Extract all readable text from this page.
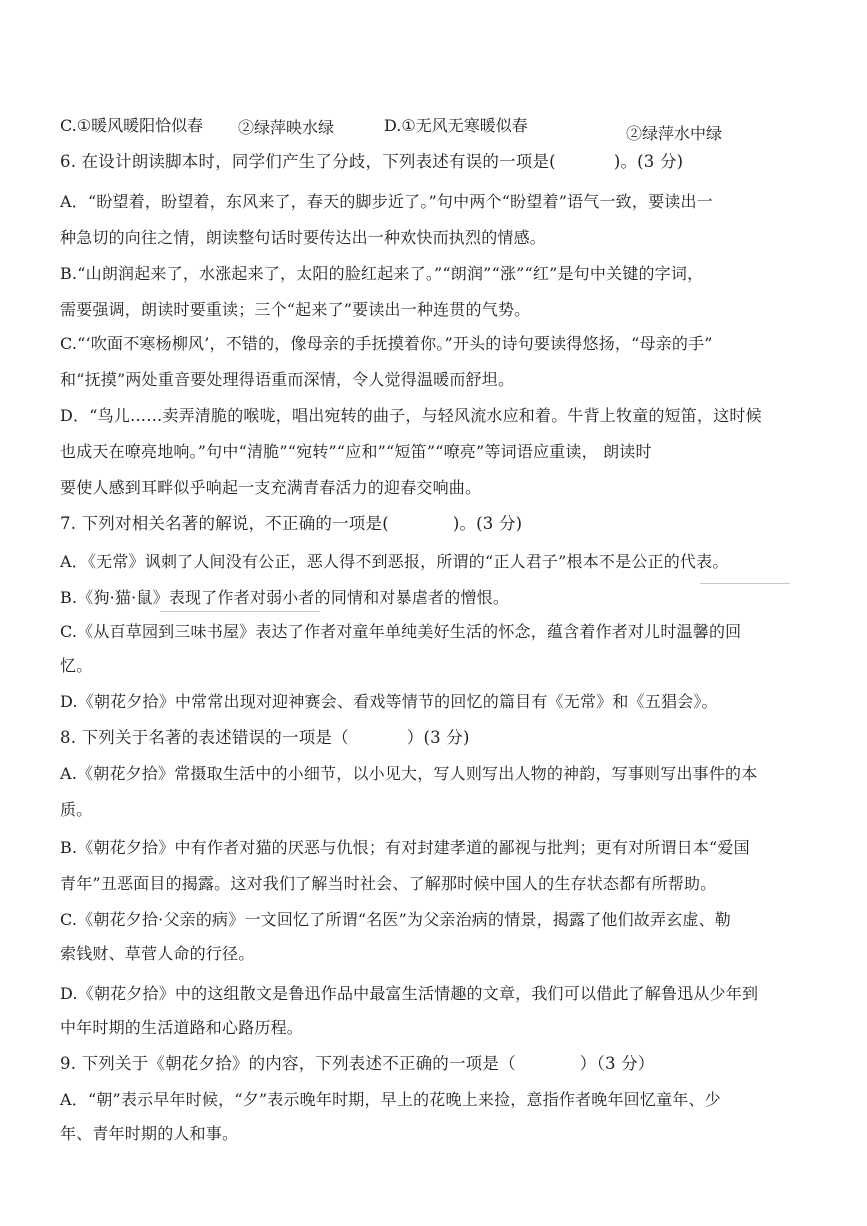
C.①暖风暖阳恰似春 ②绿萍映水绿	D.①无风无寒暖似春	②绿萍水中绿
6. 在设计朗读脚本时，同学们产生了分歧，下列表述有误的一项是(	)。(3 分)
A．“盼望着，盼望着，东风来了，春天的脚步近了。”句中两个“盼望着”语气一致，要读出一
种急切的向往之情，朗读整句话时要传达出一种欢快而执烈的情感。
B.“山朗润起来了，水涨起来了，太阳的脸红起来了。”“朗润”“涨”“红”是句中关键的字词，
需要强调，朗读时要重读；三个“起来了”要读出一种连贯的气势。
C.“‘吹面不寒杨柳风’，不错的，像母亲的手抚摸着你。”开头的诗句要读得悠扬，“母亲的手”
和“抚摸”两处重音要处理得语重而深情，令人觉得温暖而舒坦。
D．“鸟儿……卖弄清脆的喉咙，唱出宛转的曲子，与轻风流水应和着。牛背上牧童的短笛，这时候
也成天在嘹亮地响。”句中“清脆”“宛转”“应和”“短笛”“嘹亮”等词语应重读， 朗读时
要使人感到耳畔似乎响起一支充满青春活力的迎春交响曲。
7. 下列对相关名著的解说，不正确的一项是(	)。(3 分)
A．《无常》讽刺了人间没有公正，恶人得不到恶报，所谓的“正人君子”根本不是公正的代表。
B.《狗·猫·鼠》表现了作者对弱小者的同情和对暴虐者的憎恨。
C.《从百草园到三味书屋》表达了作者对童年单纯美好生活的怀念，蕴含着作者对儿时温馨的回
忆。
D.《朝花夕拾》中常常出现对迎神赛会、看戏等情节的回忆的篇目有《无常》和《五猖会》。
8. 下列关于名著的表述错误的一项是（	）(3 分)
A.《朝花夕拾》常摄取生活中的小细节，以小见大，写人则写出人物的神韵，写事则写出事件的本
质。
B.《朝花夕拾》中有作者对猫的厌恶与仇恨；有对封建孝道的鄙视与批判；更有对所谓日本“爱国
青年”丑恶面目的揭露。这对我们了解当时社会、了解那时候中国人的生存状态都有所帮助。
C.《朝花夕拾·父亲的病》一文回忆了所谓“名医”为父亲治病的情景，揭露了他们故弄玄虚、勒
索钱财、草菅人命的行径。
D.《朝花夕拾》中的这组散文是鲁迅作品中最富生活情趣的文章，我们可以借此了解鲁迅从少年到
中年时期的生活道路和心路历程。
9. 下列关于《朝花夕拾》的内容，下列表述不正确的一项是（	）（3 分）
A．“朝”表示早年时候，“夕”表示晚年时期，早上的花晚上来捡，意指作者晚年回忆童年、少
年、青年时期的人和事。
